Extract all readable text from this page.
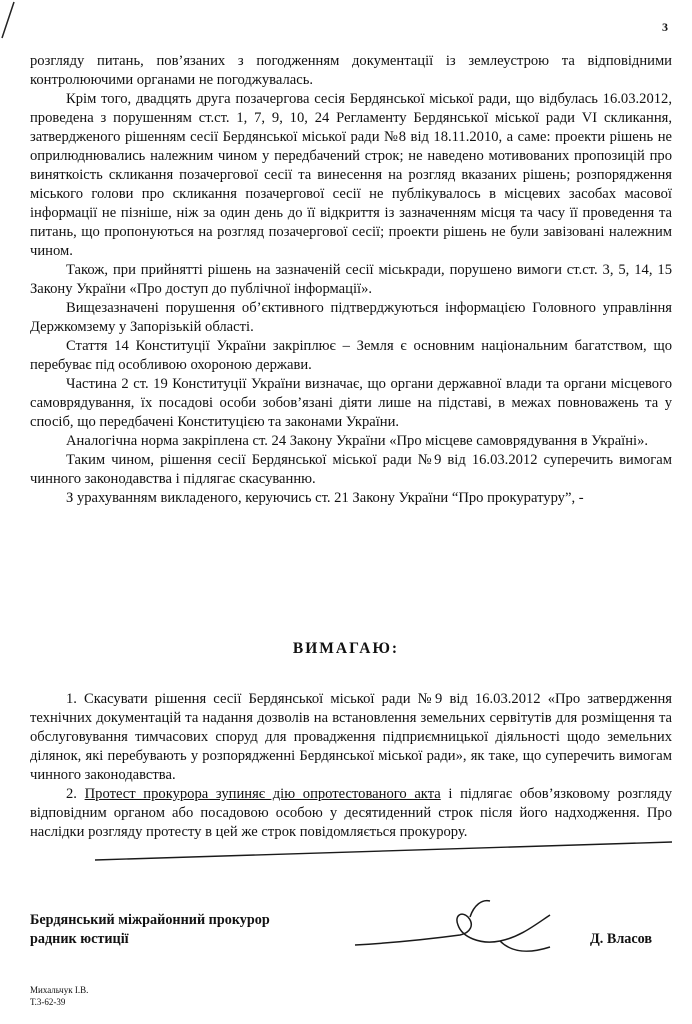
3

розгляду питань, пов’язаних з погодженням документації із землеустрою та відповідними контролюючими органами не погоджувалась.

Крім того, двадцять друга позачергова сесія Бердянської міської ради, що відбулась 16.03.2012, проведена з порушенням ст.ст. 1, 7, 9, 10, 24 Регламенту Бердянської міської ради VI скликання, затвердженого рішенням сесії Бердянської міської ради №8 від 18.11.2010, а саме: проекти рішень не оприлюднювались належним чином у передбачений строк; не наведено мотивованих пропозицій про виняткоість скликання позачергової сесії та винесення на розгляд вказаних рішень; розпорядження міського голови про скликання позачергової сесії не публікувалось в місцевих засобах масової інформації не пізніше, ніж за один день до її відкриття із зазначенням місця та часу її проведення та питань, що пропонуються на розгляд позачергової сесії; проекти рішень не були завізовані належним чином.

Також, при прийнятті рішень на зазначеній сесії міськради, порушено вимоги ст.ст. 3, 5, 14, 15 Закону України «Про доступ до публічної інформації».

Вищезазначені порушення об’єктивного підтверджуються інформацією Головного управління Держкомзему у Запорізькій області.

Стаття 14 Конституції України закріплює – Земля є основним національним багатством, що перебуває під особливою охороною держави.

Частина 2 ст. 19 Конституції України визначає, що органи державної влади та органи місцевого самоврядування, їх посадові особи зобов’язані діяти лише на підставі, в межах повноважень та у спосіб, що передбачені Конституцією та законами України.

Аналогічна норма закріплена ст. 24 Закону України «Про місцеве самоврядування в Україні».

Таким чином, рішення сесії Бердянської міської ради №9 від 16.03.2012 суперечить вимогам чинного законодавства і підлягає скасуванню.

З урахуванням викладеного, керуючись ст. 21 Закону України “Про прокуратуру”, -

ВИМАГАЮ:

1. Скасувати рішення сесії Бердянської міської ради №9 від 16.03.2012 «Про затвердження технічних документацій та надання дозволів на встановлення земельних сервітутів для розміщення та обслуговування тимчасових споруд для провадження підприємницької діяльності щодо земельних ділянок, які перебувають у розпорядженні Бердянської міської ради», як таке, що суперечить вимогам чинного законодавства.

2. Протест прокурора зупиняє дію опротестованого акта і підлягає обов’язковому розгляду відповідним органом або посадовою особою у десятиденний строк після його надходження. Про наслідки розгляду протесту в цей же строк повідомляється прокурору.

Бердянський міжрайонний прокурор
радник юстиції	Д. Власов
Михальчук І.В.
Т.3-62-39
